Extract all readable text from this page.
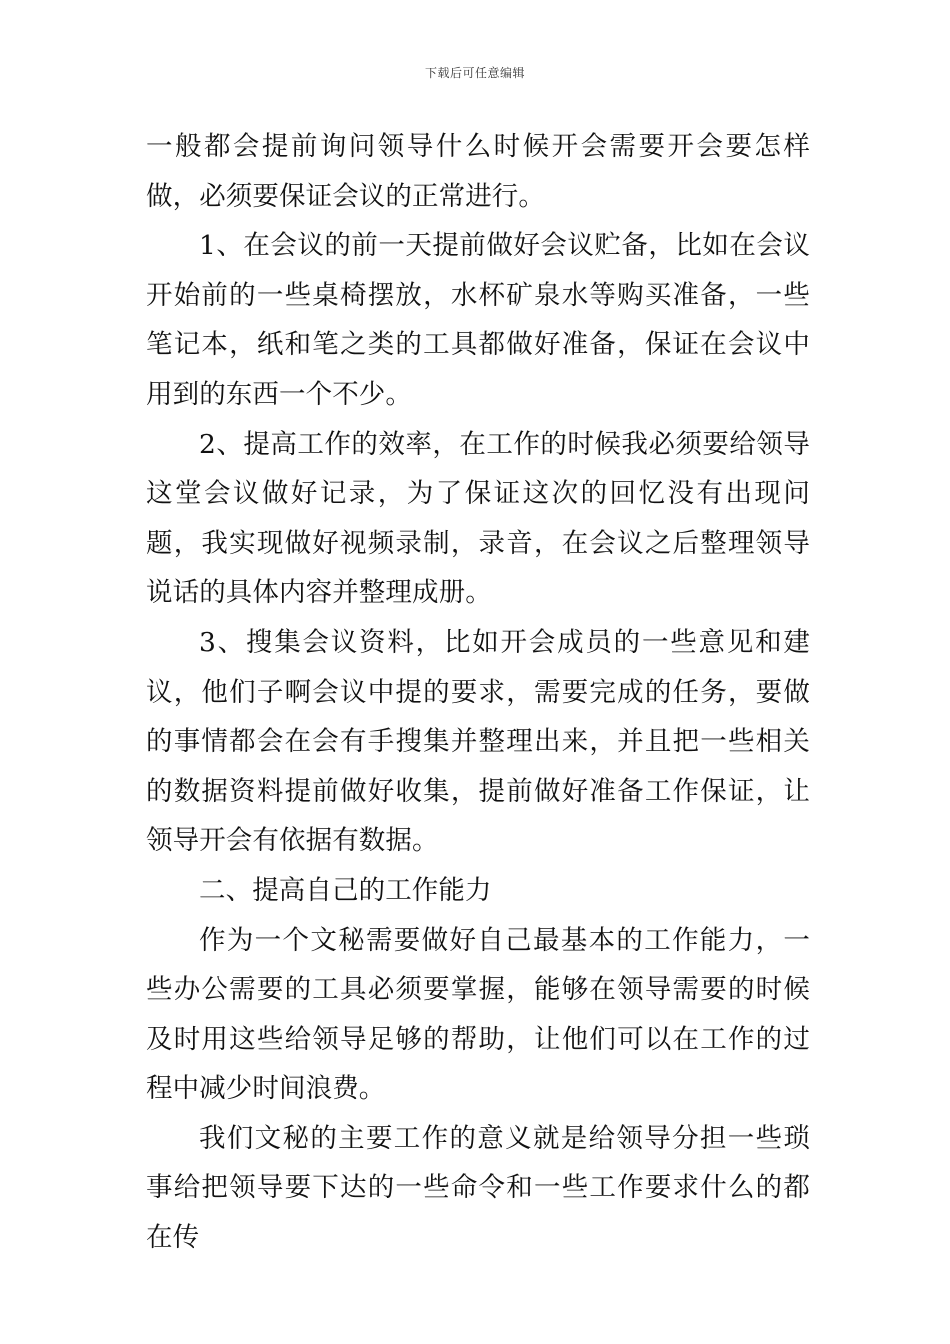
下载后可任意编辑

一般都会提前询问领导什么时候开会需要开会要怎样做，必须要保证会议的正常进行。

1、在会议的前一天提前做好会议贮备，比如在会议开始前的一些桌椅摆放，水杯矿泉水等购买准备，一些笔记本，纸和笔之类的工具都做好准备，保证在会议中用到的东西一个不少。

2、提高工作的效率，在工作的时候我必须要给领导这堂会议做好记录，为了保证这次的回忆没有出现问题，我实现做好视频录制，录音，在会议之后整理领导说话的具体内容并整理成册。

3、搜集会议资料，比如开会成员的一些意见和建议，他们子啊会议中提的要求，需要完成的任务，要做的事情都会在会有手搜集并整理出来，并且把一些相关的数据资料提前做好收集，提前做好准备工作保证，让领导开会有依据有数据。

二、提高自己的工作能力

作为一个文秘需要做好自己最基本的工作能力，一些办公需要的工具必须要掌握，能够在领导需要的时候及时用这些给领导足够的帮助，让他们可以在工作的过程中减少时间浪费。

我们文秘的主要工作的意义就是给领导分担一些琐事给把领导要下达的一些命令和一些工作要求什么的都在传
